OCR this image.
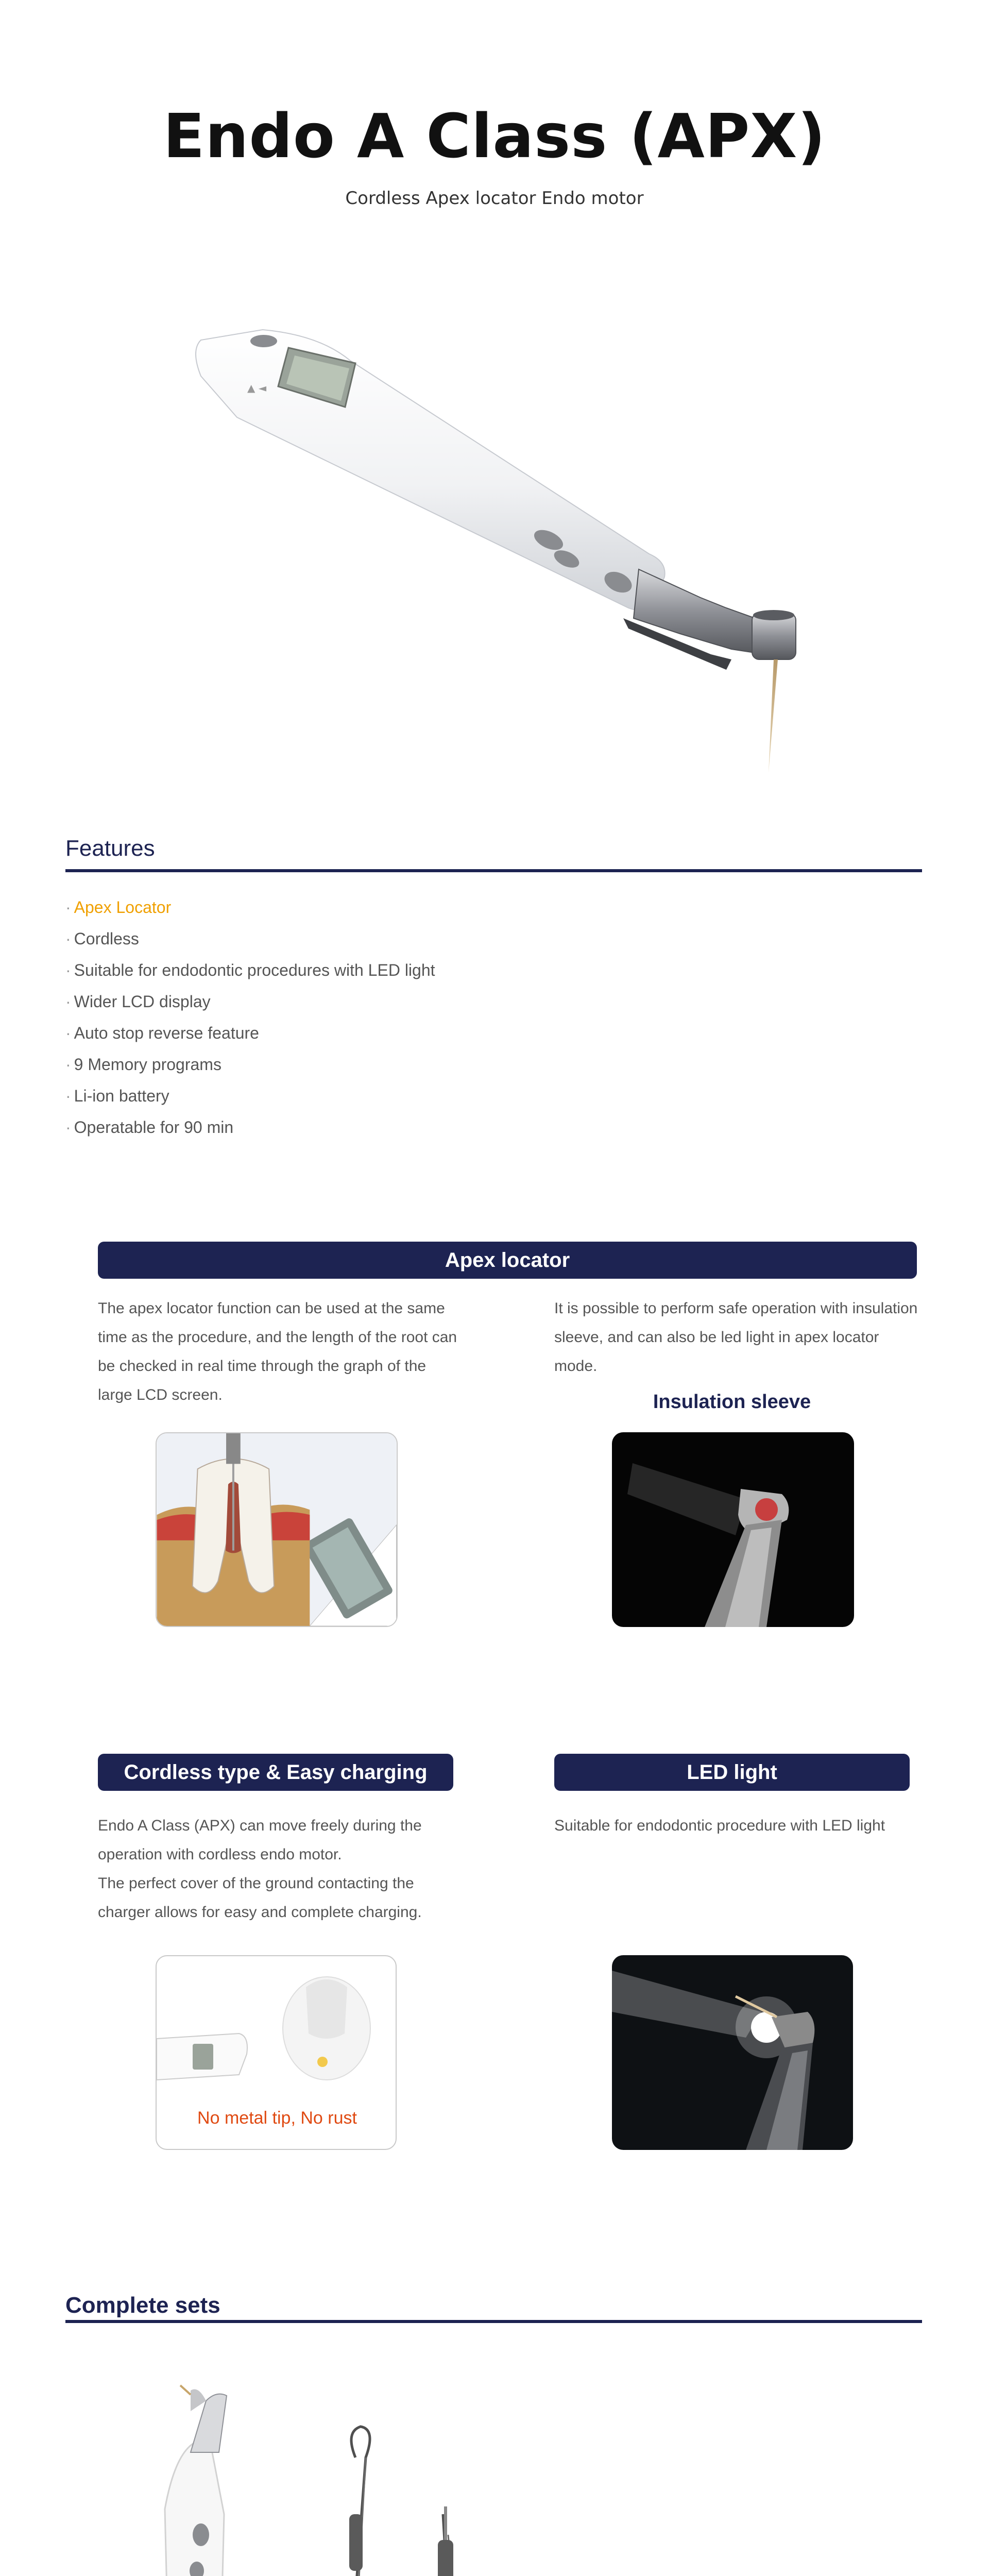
Endo A Class (APX)
Cordless Apex locator Endo motor
▲ ◄
Features
· Apex Locator
· Cordless
· Suitable for endodontic procedures with LED light
· Wider LCD display
· Auto stop reverse feature
· 9 Memory programs
· Li-ion battery
· Operatable for 90 min
Apex locator
The apex locator function can be used at the same time as the procedure, and the length of the root can be checked in real time through the graph of the large LCD screen.
It is possible to perform safe operation with insulation sleeve, and can also be led light in apex locator mode.
Insulation sleeve
Cordless type & Easy charging
Endo A Class (APX) can move freely during the operation with cordless endo motor.
The perfect cover of the ground contacting the charger allows for easy and complete charging.
No metal tip, No rust
LED light
Suitable for endodontic procedure with LED light
Complete sets
